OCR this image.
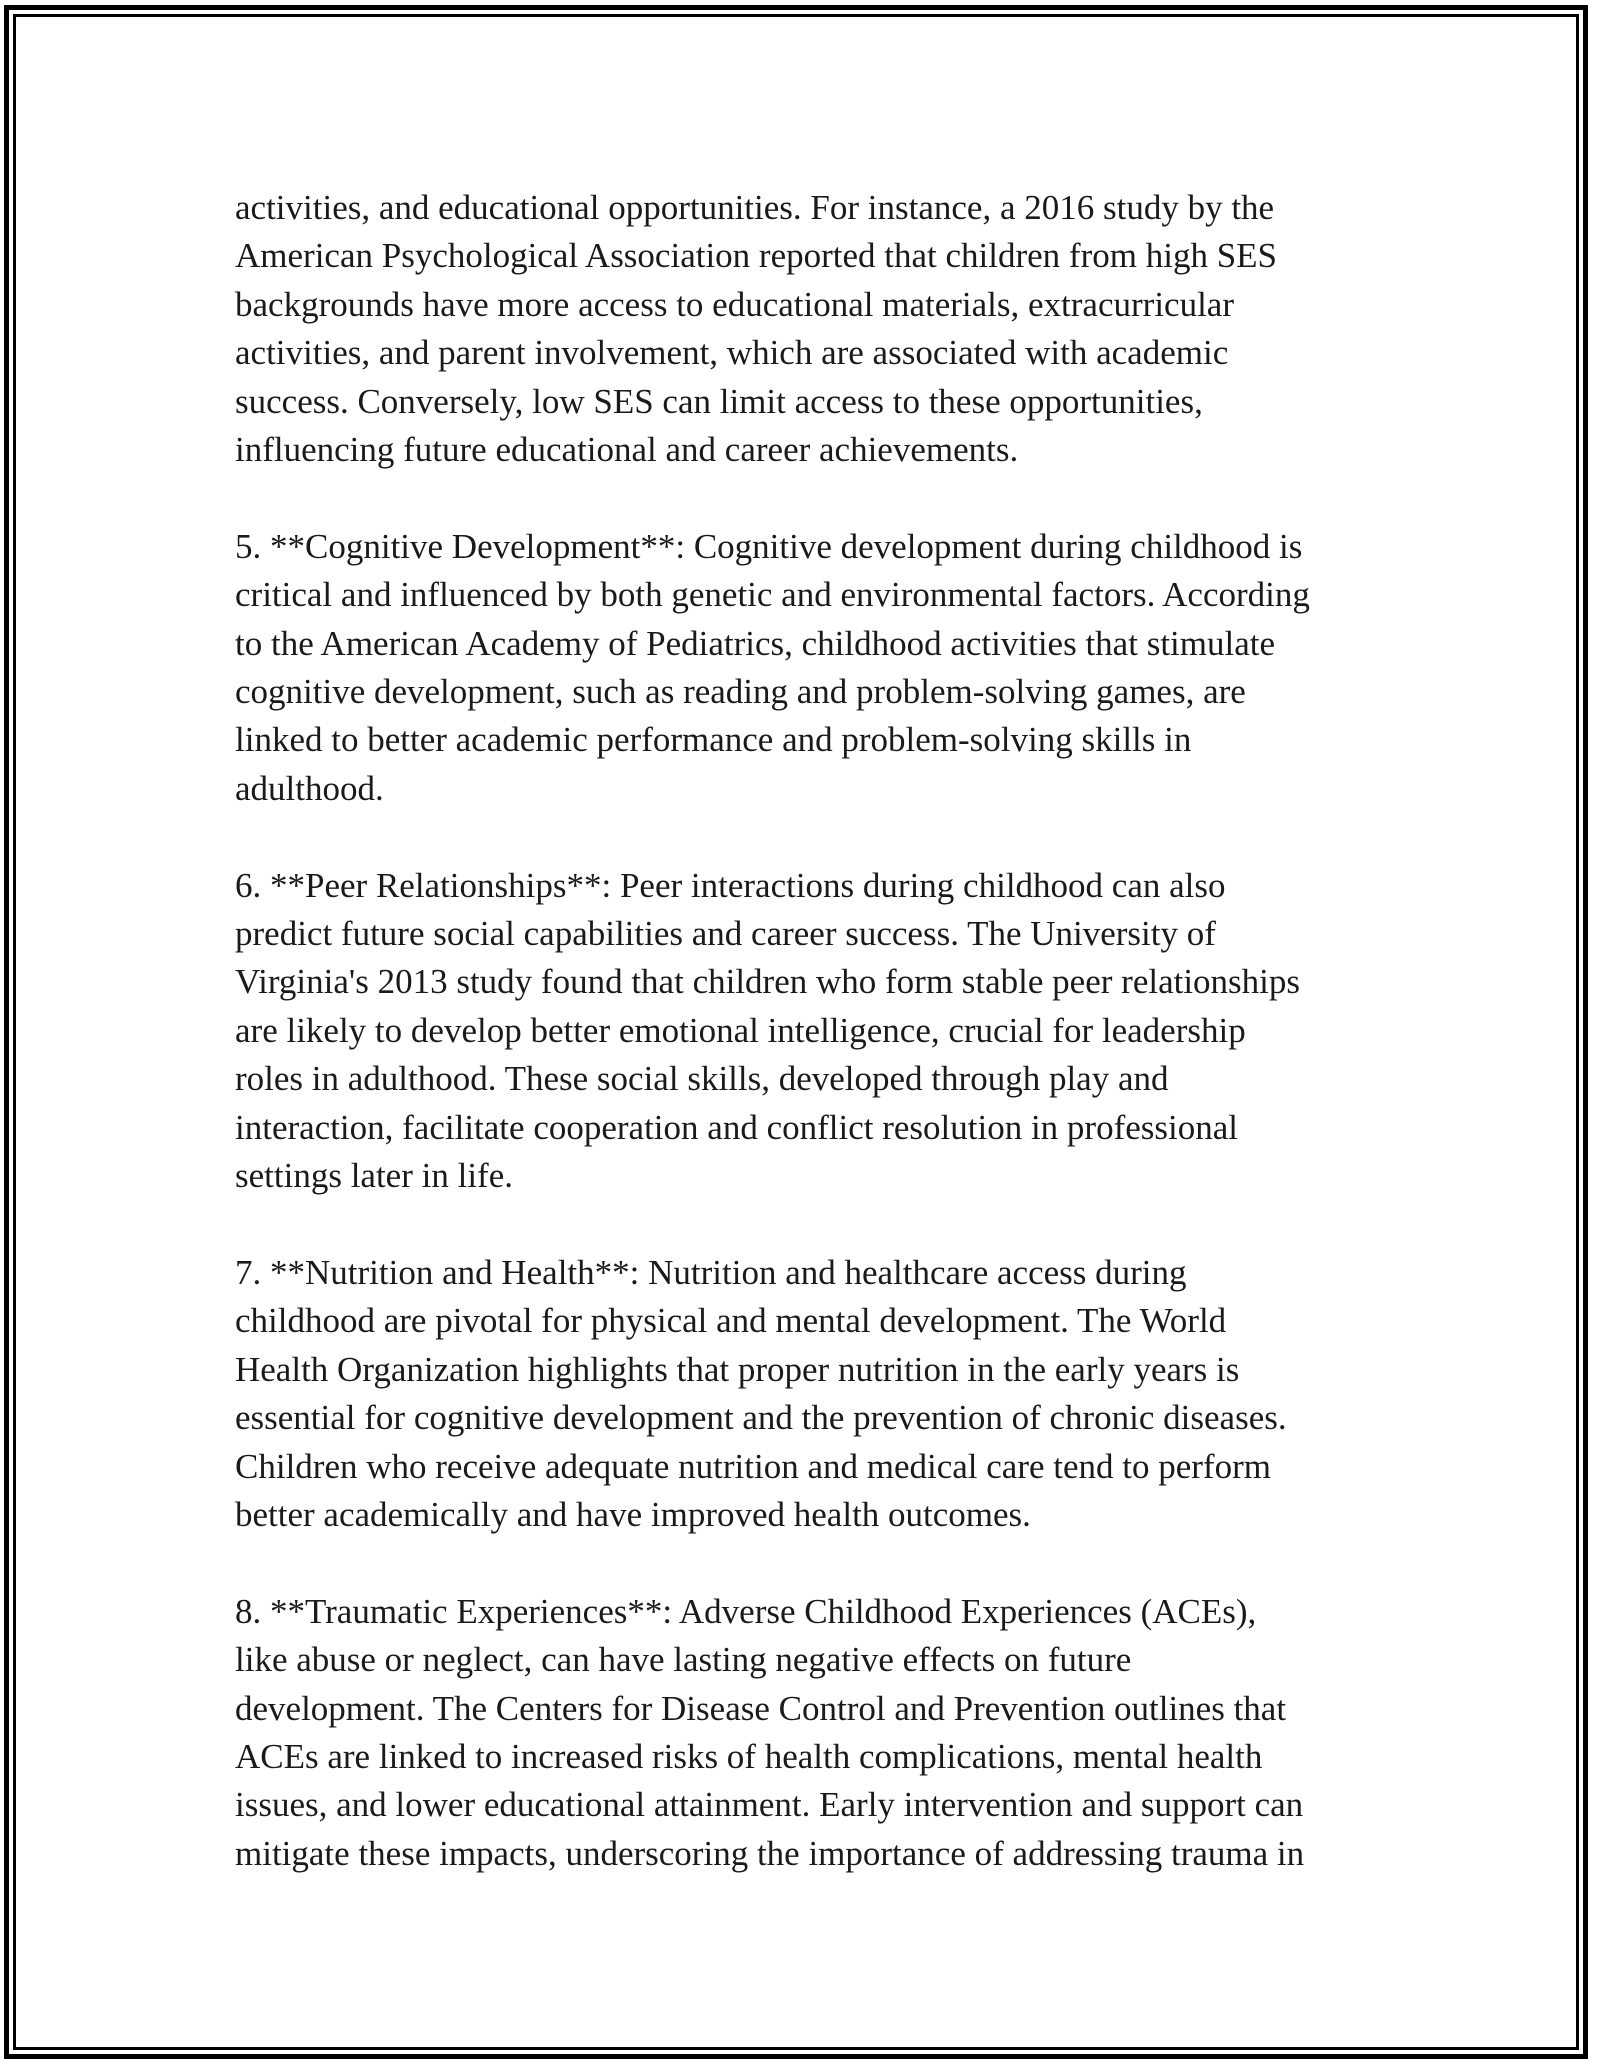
activities, and educational opportunities. For instance, a 2016 study by the
American Psychological Association reported that children from high SES
backgrounds have more access to educational materials, extracurricular
activities, and parent involvement, which are associated with academic
success. Conversely, low SES can limit access to these opportunities,
influencing future educational and career achievements.

5. **Cognitive Development**: Cognitive development during childhood is
critical and influenced by both genetic and environmental factors. According
to the American Academy of Pediatrics, childhood activities that stimulate
cognitive development, such as reading and problem-solving games, are
linked to better academic performance and problem-solving skills in
adulthood.

6. **Peer Relationships**: Peer interactions during childhood can also
predict future social capabilities and career success. The University of
Virginia's 2013 study found that children who form stable peer relationships
are likely to develop better emotional intelligence, crucial for leadership
roles in adulthood. These social skills, developed through play and
interaction, facilitate cooperation and conflict resolution in professional
settings later in life.

7. **Nutrition and Health**: Nutrition and healthcare access during
childhood are pivotal for physical and mental development. The World
Health Organization highlights that proper nutrition in the early years is
essential for cognitive development and the prevention of chronic diseases.
Children who receive adequate nutrition and medical care tend to perform
better academically and have improved health outcomes.

8. **Traumatic Experiences**: Adverse Childhood Experiences (ACEs),
like abuse or neglect, can have lasting negative effects on future
development. The Centers for Disease Control and Prevention outlines that
ACEs are linked to increased risks of health complications, mental health
issues, and lower educational attainment. Early intervention and support can
mitigate these impacts, underscoring the importance of addressing trauma in
